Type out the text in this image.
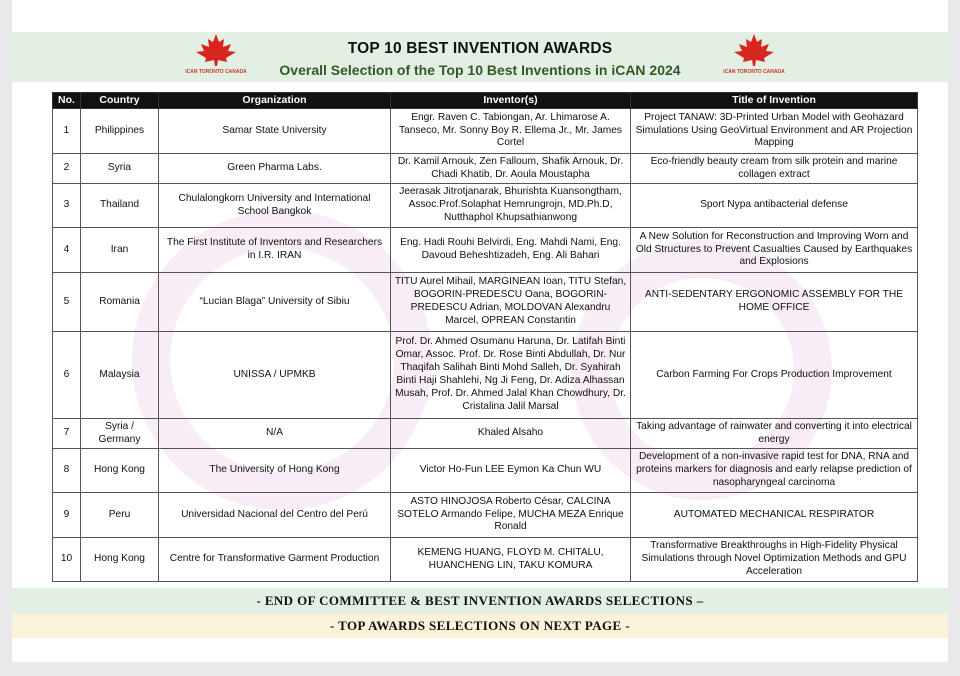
iCAN TORONTO CANADA	iCAN TORONTO CANADA
TOP 10 BEST INVENTION AWARDS
Overall Selection of the Top 10 Best Inventions in iCAN 2024
No.	Country	Organization	Inventor(s)	Title of Invention
1	Philippines	Samar State University	Engr. Raven C. Tabiongan, Ar. Lhimarose A. Tanseco, Mr. Sonny Boy R. Ellema Jr., Mr. James Cortel	Project TANAW: 3D-Printed Urban Model with Geohazard Simulations Using GeoVirtual Environment and AR Projection Mapping
2	Syria	Green Pharma Labs.	Dr. Kamil Arnouk, Zen Falloum, Shafik Arnouk, Dr. Chadi Khatib, Dr. Aoula Moustapha	Eco-friendly beauty cream from silk protein and marine collagen extract
3	Thailand	Chulalongkorn University and International School Bangkok	Jeerasak Jitrotjanarak, Bhurishta Kuansongtham, Assoc.Prof.Solaphat Hemrungrojn, MD.Ph.D, Nutthaphol Khupsathianwong	Sport Nypa antibacterial defense
4	Iran	The First Institute of Inventors and Researchers in I.R. IRAN	Eng. Hadi Rouhi Belvirdi, Eng. Mahdi Nami, Eng. Davoud Beheshtizadeh, Eng. Ali Bahari	A New Solution for Reconstruction and Improving Worn and Old Structures to Prevent Casualties Caused by Earthquakes and Explosions
5	Romania	“Lucian Blaga” University of Sibiu	TITU Aurel Mihail, MARGINEAN Ioan, TITU Stefan, BOGORIN-PREDESCU Oana, BOGORIN-PREDESCU Adrian, MOLDOVAN Alexandru Marcel, OPREAN Constantin	ANTI-SEDENTARY ERGONOMIC ASSEMBLY FOR THE HOME OFFICE
6	Malaysia	UNISSA / UPMKB	Prof. Dr. Ahmed Osumanu Haruna, Dr. Latifah Binti Omar, Assoc. Prof. Dr. Rose Binti Abdullah, Dr. Nur Thaqifah Salihah Binti Mohd Salleh, Dr. Syahirah Binti Haji Shahlehi, Ng Ji Feng, Dr. Adiza Alhassan Musah, Prof. Dr. Ahmed Jalal Khan Chowdhury, Dr. Cristalina Jalil Marsal	Carbon Farming For Crops Production Improvement
7	Syria / Germany	N/A	Khaled Alsaho	Taking advantage of rainwater and converting it into electrical energy
8	Hong Kong	The University of Hong Kong	Victor Ho-Fun LEE Eymon Ka Chun WU	Development of a non-invasive rapid test for DNA, RNA and proteins markers for diagnosis and early relapse prediction of nasopharyngeal carcinoma
9	Peru	Universidad Nacional del Centro del Perú	ASTO HINOJOSA Roberto César, CALCINA SOTELO Armando Felipe, MUCHA MEZA Enrique Ronald	AUTOMATED MECHANICAL RESPIRATOR
10	Hong Kong	Centre for Transformative Garment Production	KEMENG HUANG, FLOYD M. CHITALU, HUANCHENG LIN, TAKU KOMURA	Transformative Breakthroughs in High-Fidelity Physical Simulations through Novel Optimization Methods and GPU Acceleration
- END OF COMMITTEE & BEST INVENTION AWARDS SELECTIONS –
- TOP AWARDS SELECTIONS ON NEXT PAGE -
